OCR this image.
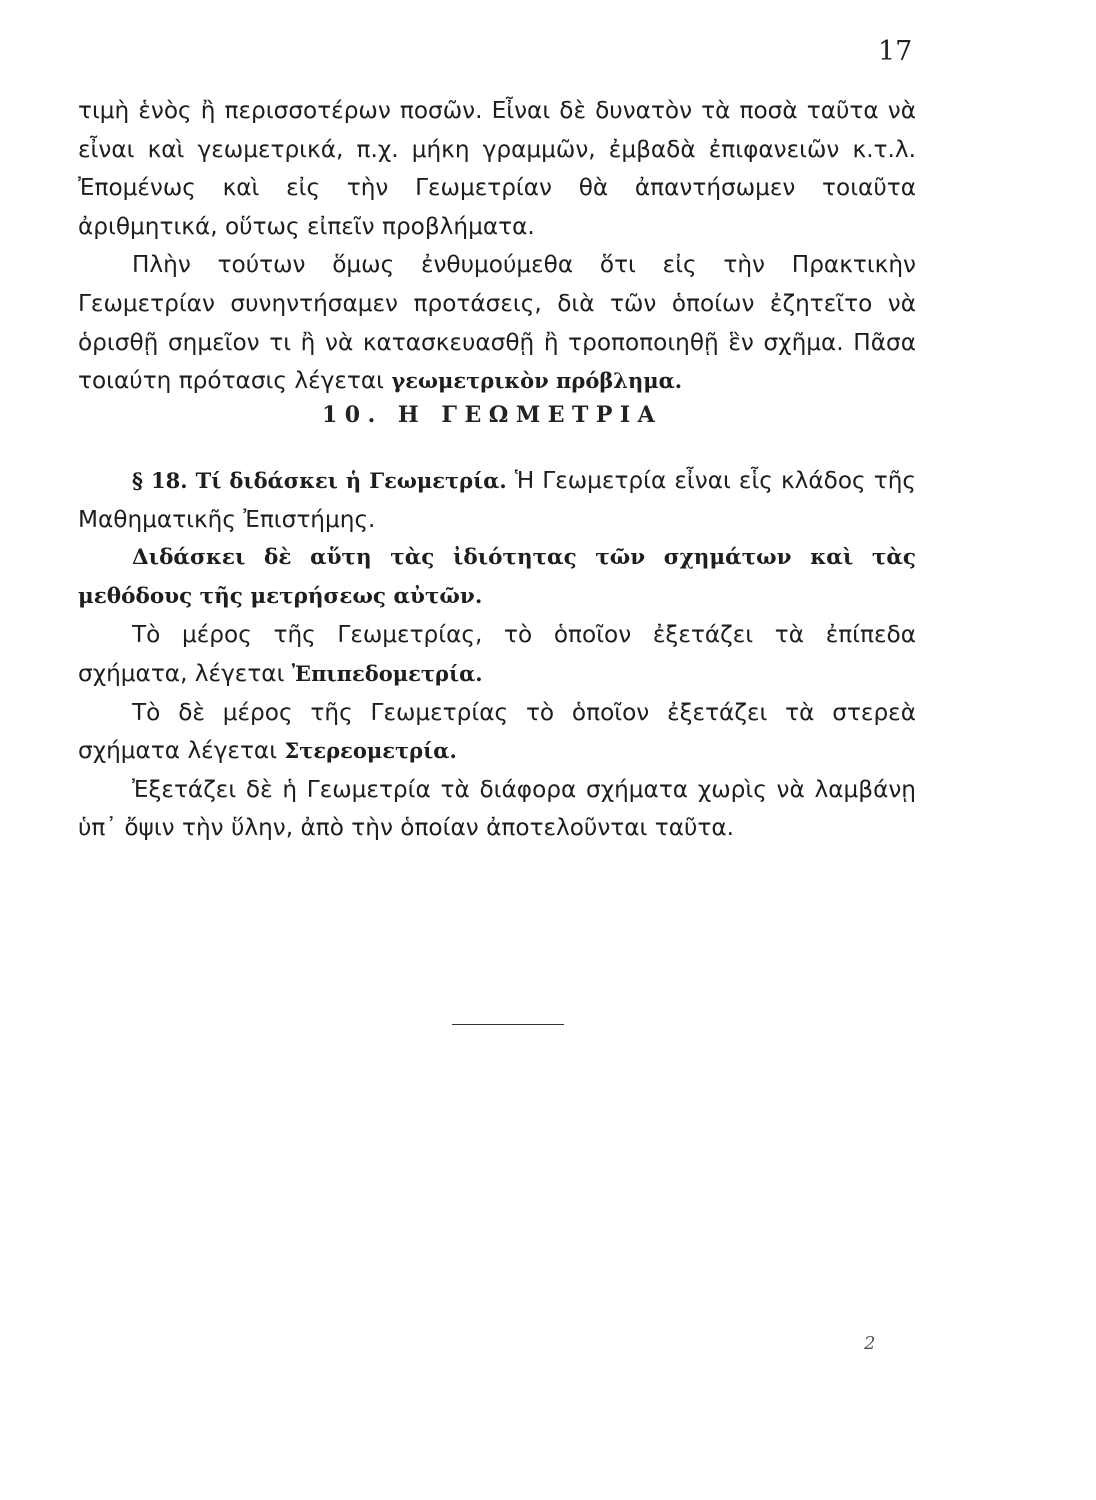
17

τιμὴ ἑνὸς ἢ περισσοτέρων ποσῶν. Εἶναι δὲ δυνατὸν τὰ ποσὰ ταῦτα νὰ εἶναι καὶ γεωμετρικά, π.χ. μήκη γραμμῶν, ἐμβαδὰ ἐπιφανειῶν κ.τ.λ. Ἐπομένως καὶ εἰς τὴν Γεωμετρίαν θὰ ἀπαντήσωμεν τοιαῦτα ἀριθμητικά, οὕτως εἰπεῖν προβλήματα.

Πλὴν τούτων ὅμως ἐνθυμούμεθα ὅτι εἰς τὴν Πρακτικὴν Γεωμετρίαν συνηντήσαμεν προτάσεις, διὰ τῶν ὁποίων ἐζητεῖτο νὰ ὁρισθῇ σημεῖον τι ἢ νὰ κατασκευασθῇ ἢ τροποποιηθῇ ἓν σχῆμα. Πᾶσα τοιαύτη πρότασις λέγεται γεωμετρικὸν πρόβλημα.

10. Η ΓΕΩΜΕΤΡΙΑ

§ 18. Τί διδάσκει ἡ Γεωμετρία. Ἡ Γεωμετρία εἶναι εἷς κλάδος τῆς Μαθηματικῆς Ἐπιστήμης.

Διδάσκει δὲ αὕτη τὰς ἰδιότητας τῶν σχημάτων καὶ τὰς μεθόδους τῆς μετρήσεως αὐτῶν.

Τὸ μέρος τῆς Γεωμετρίας, τὸ ὁποῖον ἐξετάζει τὰ ἐπίπεδα σχήματα, λέγεται Ἐπιπεδομετρία.

Τὸ δὲ μέρος τῆς Γεωμετρίας τὸ ὁποῖον ἐξετάζει τὰ στερεὰ σχήματα λέγεται Στερεομετρία.

Ἐξετάζει δὲ ἡ Γεωμετρία τὰ διάφορα σχήματα χωρὶς νὰ λαμβάνῃ ὑπ᾿ ὄψιν τὴν ὕλην, ἀπὸ τὴν ὁποίαν ἀποτελοῦνται ταῦτα.

2
